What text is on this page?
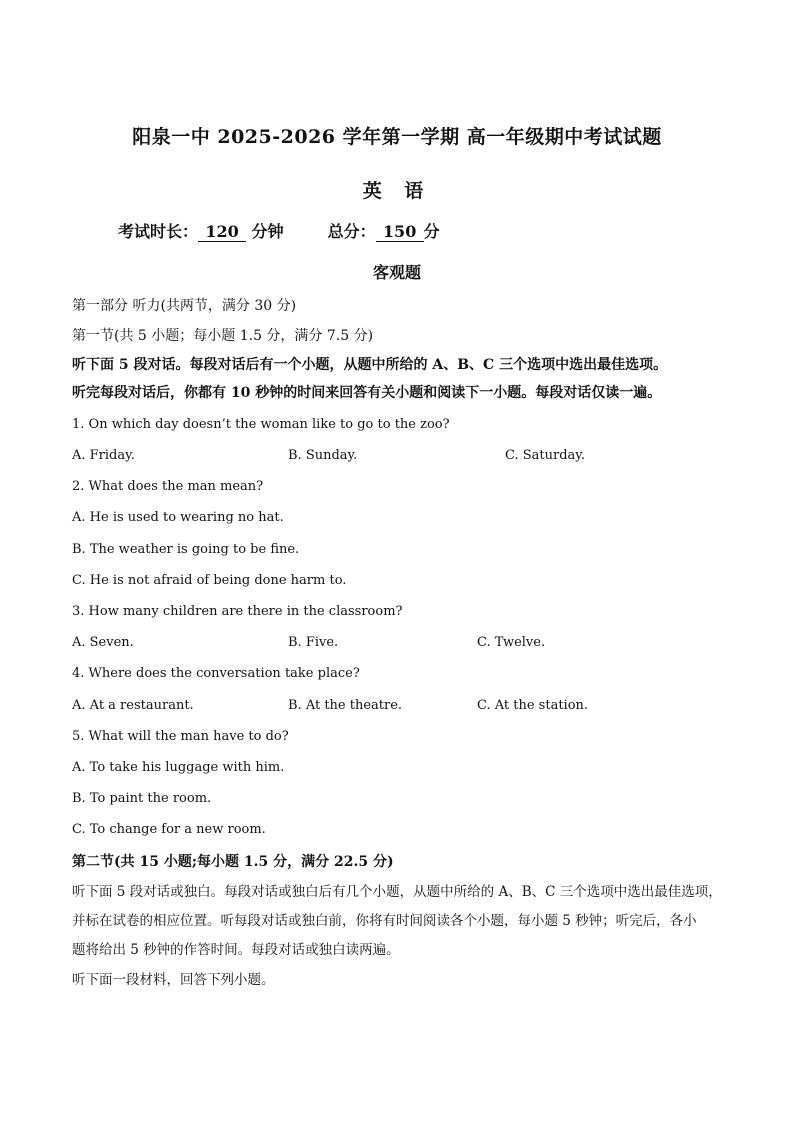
阳泉一中 2025-2026 学年第一学期 高一年级期中考试试题
英 语
考试时长： 120 分钟	总分： 150 分
客观题
第一部分 听力(共两节，满分 30 分)
第一节(共 5 小题；每小题 1.5 分，满分 7.5 分)
听下面 5 段对话。每段对话后有一个小题，从题中所给的 A、B、C 三个选项中选出最佳选项。
听完每段对话后，你都有 10 秒钟的时间来回答有关小题和阅读下一小题。每段对话仅读一遍。
1. On which day doesn’t the woman like to go to the zoo?
A. Friday.	B. Sunday.	C. Saturday.
2. What does the man mean?
A. He is used to wearing no hat.
B. The weather is going to be fine.
C. He is not afraid of being done harm to.
3. How many children are there in the classroom?
A. Seven.	B. Five.	C. Twelve.
4. Where does the conversation take place?
A. At a restaurant.	B. At the theatre.	C. At the station.
5. What will the man have to do?
A. To take his luggage with him.
B. To paint the room.
C. To change for a new room.
第二节(共 15 小题;每小题 1.5 分，满分 22.5 分)
听下面 5 段对话或独白。每段对话或独白后有几个小题，从题中所给的 A、B、C 三个选项中选出最佳选项，
并标在试卷的相应位置。听每段对话或独白前，你将有时间阅读各个小题，每小题 5 秒钟；听完后，各小
题将给出 5 秒钟的作答时间。每段对话或独白读两遍。
听下面一段材料，回答下列小题。
